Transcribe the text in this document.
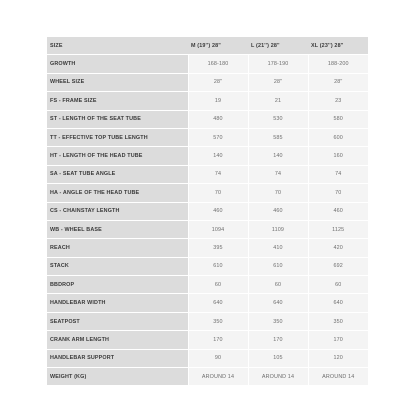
SIZE	M (19'') 28"	L (21'') 28"	XL (23'') 28"
GROWTH	168-180	178-190	188-200
WHEEL SIZE	28"	28"	28"
FS - FRAME SIZE	19	21	23
ST - LENGTH OF THE SEAT TUBE	480	530	580
TT - EFFECTIVE TOP TUBE LENGTH	570	585	600
HT - LENGTH OF THE HEAD TUBE	140	140	160
SA - SEAT TUBE ANGLE	74	74	74
HA - ANGLE OF THE HEAD TUBE	70	70	70
CS - CHAINSTAY LENGTH	460	460	460
WB - WHEEL BASE	1094	1109	1125
REACH	395	410	420
STACK	610	610	692
BBDROP	60	60	60
HANDLEBAR WIDTH	640	640	640
SEATPOST	350	350	350
CRANK ARM LENGTH	170	170	170
HANDLEBAR SUPPORT	90	105	120
WEIGHT (KG)	AROUND 14	AROUND 14	AROUND 14
